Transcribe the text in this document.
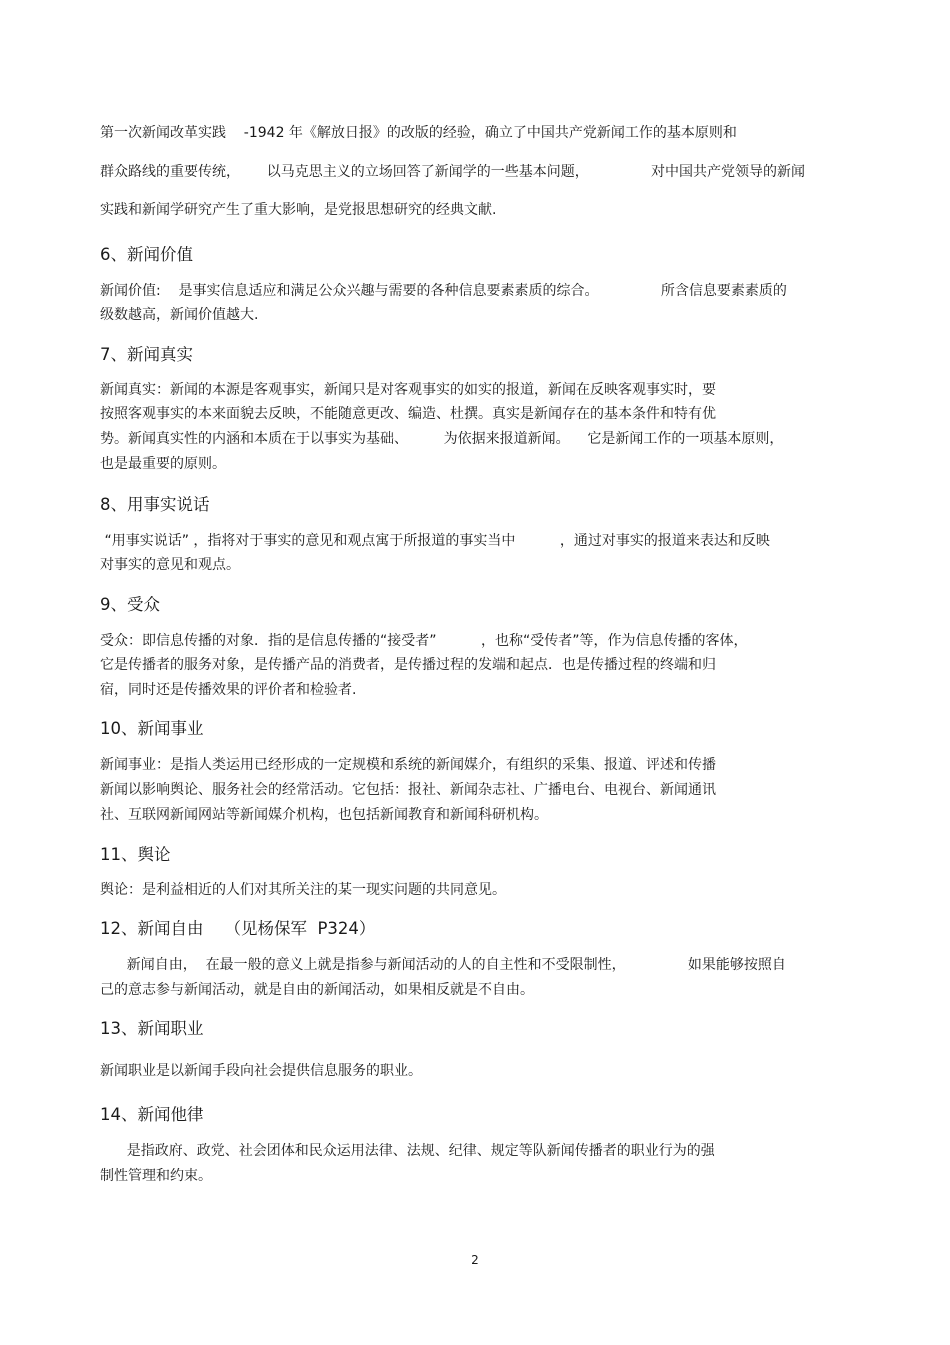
第一次新闻改革实践    -1942 年《解放日报》的改版的经验，确立了中国共产党新闻工作的基本原则和
群众路线的重要传统，      以马克思主义的立场回答了新闻学的一些基本问题，              对中国共产党领导的新闻
实践和新闻学研究产生了重大影响，是党报思想研究的经典文献.
6、新闻价值
新闻价值:    是事实信息适应和满足公众兴趣与需要的各种信息要素素质的综合。              所含信息要素素质的
级数越高，新闻价值越大.
7、新闻真实
新闻真实：新闻的本源是客观事实，新闻只是对客观事实的如实的报道，新闻在反映客观事实时，要
按照客观事实的本来面貌去反映，不能随意更改、编造、杜撰。真实是新闻存在的基本条件和特有优
势。新闻真实性的内涵和本质在于以事实为基础、        为依据来报道新闻。    它是新闻工作的一项基本原则，
也是最重要的原则。
8、用事实说话
“用事实说话” ，指将对于事实的意见和观点寓于所报道的事实当中          ，通过对事实的报道来表达和反映
对事实的意见和观点。
9、受众
受众：即信息传播的对象．指的是信息传播的“接受者”          ，也称“受传者”等，作为信息传播的客体，
它是传播者的服务对象，是传播产品的消费者，是传播过程的发端和起点．也是传播过程的终端和归
宿，同时还是传播效果的评价者和检验者.
10、新闻事业
新闻事业：是指人类运用已经形成的一定规模和系统的新闻媒介，有组织的采集、报道、评述和传播
新闻以影响舆论、服务社会的经常活动。它包括：报社、新闻杂志社、广播电台、电视台、新闻通讯
社、互联网新闻网站等新闻媒介机构，也包括新闻教育和新闻科研机构。
11、舆论
舆论：是利益相近的人们对其所关注的某一现实问题的共同意见。
12、新闻自由    （见杨保军  P324）
新闻自由，  在最一般的意义上就是指参与新闻活动的人的自主性和不受限制性，              如果能够按照自
己的意志参与新闻活动，就是自由的新闻活动，如果相反就是不自由。
13、新闻职业
新闻职业是以新闻手段向社会提供信息服务的职业。
14、新闻他律
是指政府、政党、社会团体和民众运用法律、法规、纪律、规定等队新闻传播者的职业行为的强
制性管理和约束。
2
